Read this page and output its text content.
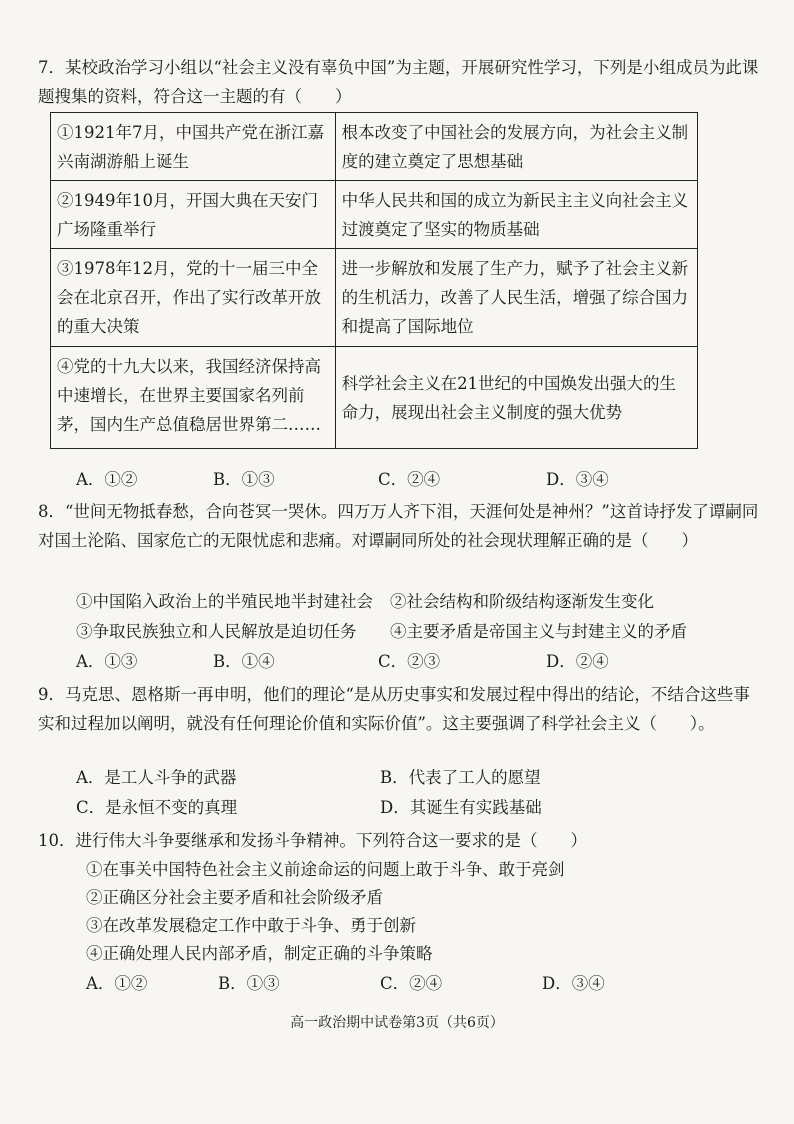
7．某校政治学习小组以“社会主义没有辜负中国”为主题，开展研究性学习，下列是小组成员为此课题搜集的资料，符合这一主题的有（　　）
①1921年7月，中国共产党在浙江嘉兴南湖游船上诞生	根本改变了中国社会的发展方向，为社会主义制度的建立奠定了思想基础
②1949年10月，开国大典在天安门广场隆重举行	中华人民共和国的成立为新民主主义向社会主义过渡奠定了坚实的物质基础
③1978年12月，党的十一届三中全会在北京召开，作出了实行改革开放的重大决策	进一步解放和发展了生产力，赋予了社会主义新的生机活力，改善了人民生活，增强了综合国力和提高了国际地位
④党的十九大以来，我国经济保持高中速增长，在世界主要国家名列前茅，国内生产总值稳居世界第二……	科学社会主义在21世纪的中国焕发出强大的生命力，展现出社会主义制度的强大优势
A．①②	B．①③	C．②④	D．③④
8．“世间无物抵春愁，合向苍冥一哭休。四万万人齐下泪，天涯何处是神州？”这首诗抒发了谭嗣同对国土沦陷、国家危亡的无限忧虑和悲痛。对谭嗣同所处的社会现状理解正确的是（　　）
①中国陷入政治上的半殖民地半封建社会 ②社会结构和阶级结构逐渐发生变化
③争取民族独立和人民解放是迫切任务 ④主要矛盾是帝国主义与封建主义的矛盾
A．①③	B．①④	C．②③	D．②④
9．马克思、恩格斯一再申明，他们的理论“是从历史事实和发展过程中得出的结论，不结合这些事实和过程加以阐明，就没有任何理论价值和实际价值”。这主要强调了科学社会主义（　　）。
A．是工人斗争的武器	B．代表了工人的愿望
C．是永恒不变的真理	D．其诞生有实践基础
10．进行伟大斗争要继承和发扬斗争精神。下列符合这一要求的是（　　）
①在事关中国特色社会主义前途命运的问题上敢于斗争、敢于亮剑
②正确区分社会主要矛盾和社会阶级矛盾
③在改革发展稳定工作中敢于斗争、勇于创新
④正确处理人民内部矛盾，制定正确的斗争策略
A．①②	B．①③	C．②④	D．③④
高一政治期中试卷第3页（共6页）
